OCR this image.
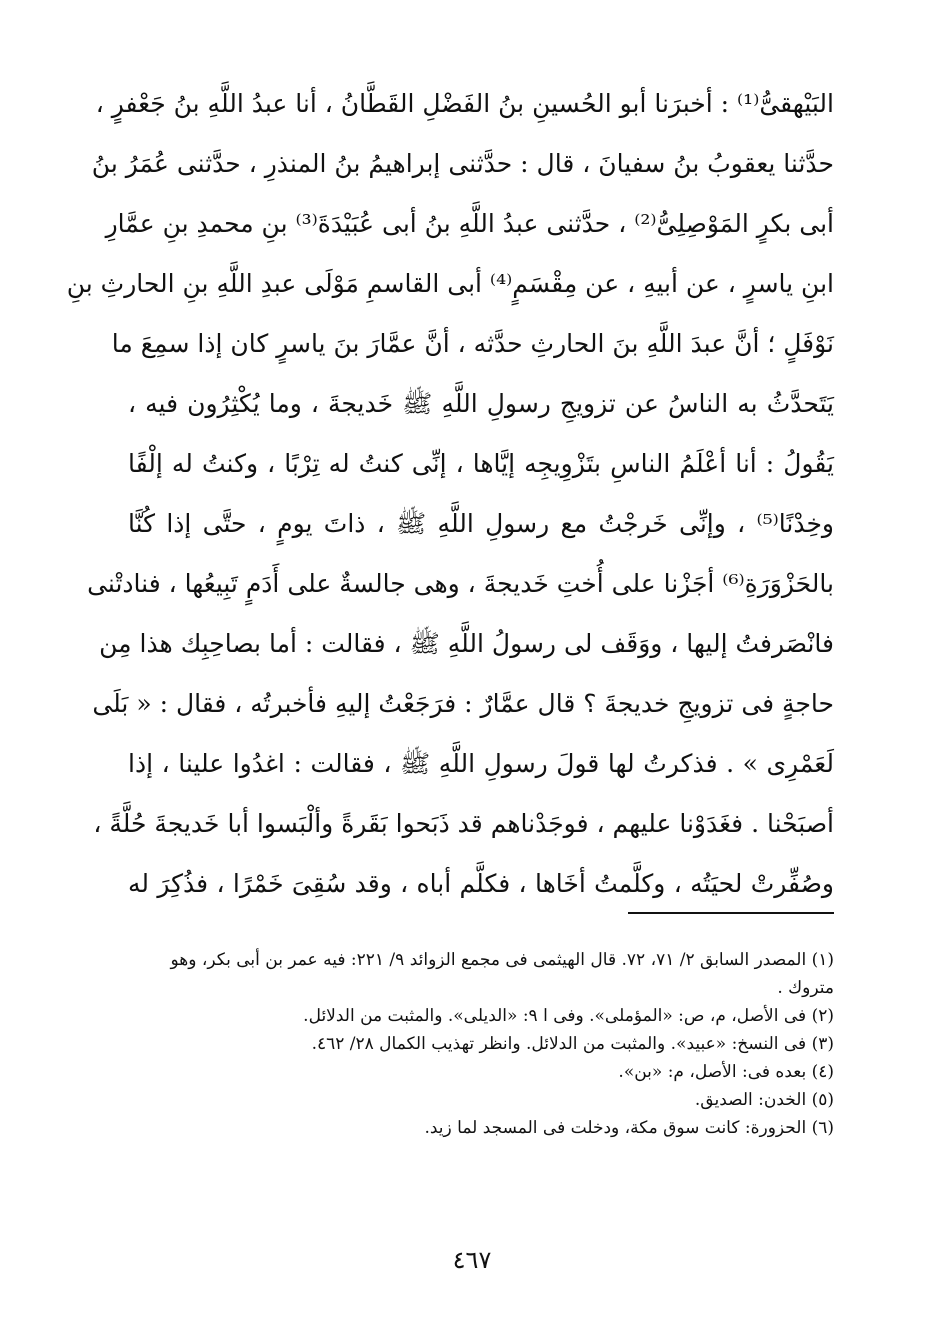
البَيْهقىُّ⁽¹⁾ : أخبرَنا أبو الحُسينِ بنُ الفَضْلِ القَطَّانُ ، أنا عبدُ اللَّهِ بنُ جَعْفرٍ ،
حدَّثنا يعقوبُ بنُ سفيانَ ، قال : حدَّثنى إبراهيمُ بنُ المنذرِ ، حدَّثنى عُمَرُ بنُ
أبى بكرٍ المَوْصِلِىُّ⁽²⁾ ، حدَّثنى عبدُ اللَّهِ بنُ أبى عُبَيْدَةَ⁽³⁾ بنِ محمدِ بنِ عمَّارِ
ابنِ ياسرٍ ، عن أبيهِ ، عن مِقْسَمٍ⁽⁴⁾ أبى القاسمِ مَوْلَى عبدِ اللَّهِ بنِ الحارثِ بنِ
نَوْفَلٍ ؛ أنَّ عبدَ اللَّهِ بنَ الحارثِ حدَّثه ، أنَّ عمَّارَ بنَ ياسرٍ كان إذا سمِعَ ما
يَتَحدَّثُ به الناسُ عن تزويجِ رسولِ اللَّهِ ﷺ خَديجةَ ، وما يُكْثِرُون فيه ،
يَقُولُ : أنا أعْلَمُ الناسِ بتَزْوِيجِه إيَّاها ، إنِّى كنتُ له تِرْبًا ، وكنتُ له إلْفًا
وخِدْنًا⁽⁵⁾ ، وإنِّى خَرجْتُ مع رسولِ اللَّهِ ﷺ ، ذاتَ يومٍ ، حتَّى إذا كُنَّا
بالحَزْوَرَةِ⁽⁶⁾ أجَزْنا على أُختِ خَديجةَ ، وهى جالسةٌ على أَدَمٍ تَبِيعُها ، فنادتْنى
فانْصَرفتُ إليها ، ووَقَف لى رسولُ اللَّهِ ﷺ ، فقالت : أما بصاحِبِك هذا مِن
حاجةٍ فى تزويجِ خديجةَ ؟ قال عمَّارٌ : فرَجَعْتُ إليهِ فأخبرتُه ، فقال : « بَلَى
لَعَمْرِى » . فذكرتُ لها قولَ رسولِ اللَّهِ ﷺ ، فقالت : اغدُوا علينا ، إذا
أصبَحْنا . فغَدَوْنا عليهم ، فوجَدْناهم قد ذَبَحوا بَقَرةً وألْبَسوا أبا خَديجةَ حُلَّةً ،
وصُفِّرتْ لحيَتُه ، وكلَّمتُ أخَاها ، فكلَّم أباه ، وقد سُقِىَ خَمْرًا ، فذُكِرَ له
(١) المصدر السابق ٢/ ٧١، ٧٢. قال الهيثمى فى مجمع الزوائد ٩/ ٢٢١: فيه عمر بن أبى بكر، وهو
متروك .
(٢) فى الأصل، م، ص: «المؤملى». وفى ا ٩: «الديلى». والمثبت من الدلائل.
(٣) فى النسخ: «عبيد». والمثبت من الدلائل. وانظر تهذيب الكمال ٢٨/ ٤٦٢.
(٤) بعده فى: الأصل، م: «بن».
(٥) الخدن: الصديق.
(٦) الحزورة: كانت سوق مكة، ودخلت فى المسجد لما زيد.
٤٦٧
